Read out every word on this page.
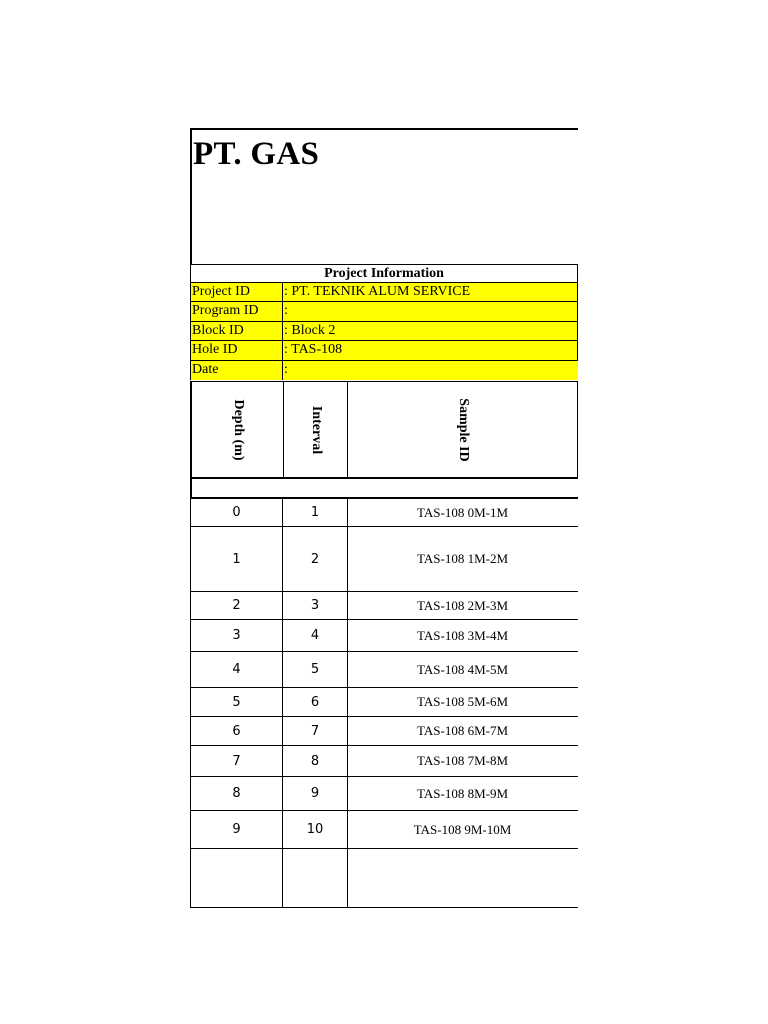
PT. GAS
Project Information
Project ID	: PT. TEKNIK ALUM SERVICE
Program ID	:
Block ID	: Block 2
Hole ID	: TAS-108
Date	:
Depth (m)	Interval	Sample ID
0	1	TAS-108 0M-1M
1	2	TAS-108 1M-2M
2	3	TAS-108 2M-3M
3	4	TAS-108 3M-4M
4	5	TAS-108 4M-5M
5	6	TAS-108 5M-6M
6	7	TAS-108 6M-7M
7	8	TAS-108 7M-8M
8	9	TAS-108 8M-9M
9	10	TAS-108 9M-10M
